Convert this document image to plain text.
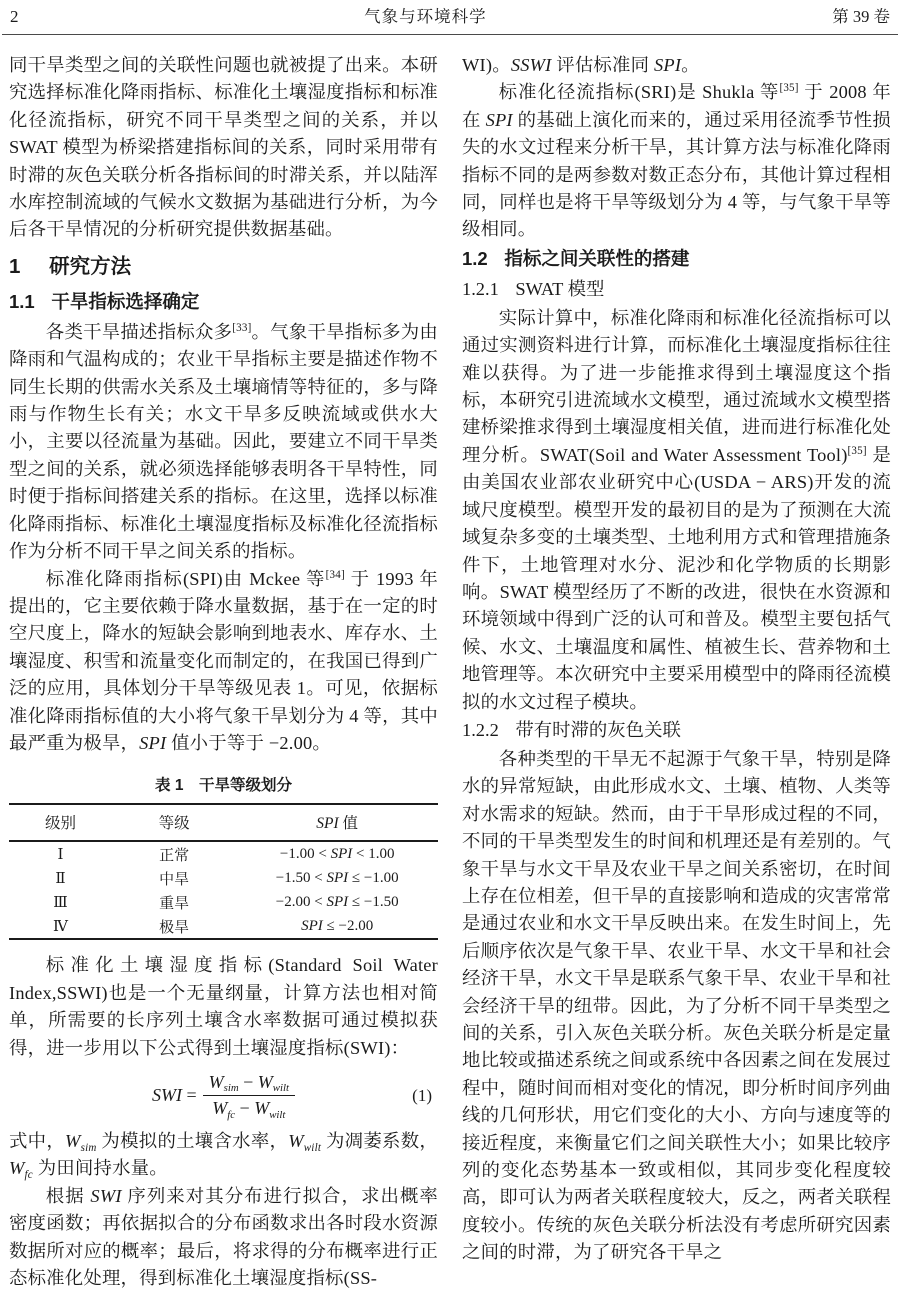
2	气象与环境科学	第 39 卷

同干旱类型之间的关联性问题也就被提了出来。本研究选择标准化降雨指标、标准化土壤湿度指标和标准化径流指标，研究不同干旱类型之间的关系，并以 SWAT 模型为桥梁搭建指标间的关系，同时采用带有时滞的灰色关联分析各指标间的时滞关系，并以陆浑水库控制流域的气候水文数据为基础进行分析，为今后各干旱情况的分析研究提供数据基础。

1 研究方法
1.1 干旱指标选择确定

各类干旱描述指标众多[33]。气象干旱指标多为由降雨和气温构成的；农业干旱指标主要是描述作物不同生长期的供需水关系及土壤墒情等特征的，多与降雨与作物生长有关；水文干旱多反映流域或供水大小，主要以径流量为基础。因此，要建立不同干旱类型之间的关系，就必须选择能够表明各干旱特性，同时便于指标间搭建关系的指标。在这里，选择以标准化降雨指标、标准化土壤湿度指标及标准化径流指标作为分析不同干旱之间关系的指标。

标准化降雨指标(SPI)由 Mckee 等[34] 于 1993 年提出的，它主要依赖于降水量数据，基于在一定的时空尺度上，降水的短缺会影响到地表水、库存水、土壤湿度、积雪和流量变化而制定的，在我国已得到广泛的应用，具体划分干旱等级见表 1。可见，依据标准化降雨指标值的大小将气象干旱划分为 4 等，其中最严重为极旱，SPI 值小于等于 −2.00。

表 1 干旱等级划分
级别	等级	SPI 值
Ⅰ	正常	−1.00 < SPI < 1.00
Ⅱ	中旱	−1.50 < SPI ≤ −1.00
Ⅲ	重旱	−2.00 < SPI ≤ −1.50
Ⅳ	极旱	SPI ≤ −2.00

标准化土壤湿度指标(Standard Soil Water Index,SSWI)也是一个无量纲量，计算方法也相对简单，所需要的长序列土壤含水率数据可通过模拟获得，进一步用以下公式得到土壤湿度指标(SWI)：

SWI = $\frac{\text{Wsim − Wwilt}}{\text{Wfc − Wwilt}}$	(1)

式中，Wsim 为模拟的土壤含水率，Wwilt 为凋萎系数，Wfc 为田间持水量。

根据 SWI 序列来对其分布进行拟合，求出概率密度函数；再依据拟合的分布函数求出各时段水资源数据所对应的概率；最后，将求得的分布概率进行正态标准化处理，得到标准化土壤湿度指标(SS-

WI)。SSWI 评估标准同 SPI。

标准化径流指标(SRI)是 Shukla 等[35] 于 2008 年在 SPI 的基础上演化而来的，通过采用径流季节性损失的水文过程来分析干旱，其计算方法与标准化降雨指标不同的是两参数对数正态分布，其他计算过程相同，同样也是将干旱等级划分为 4 等，与气象干旱等级相同。

1.2 指标之间关联性的搭建
1.2.1 SWAT 模型

实际计算中，标准化降雨和标准化径流指标可以通过实测资料进行计算，而标准化土壤湿度指标往往难以获得。为了进一步能推求得到土壤湿度这个指标，本研究引进流域水文模型，通过流域水文模型搭建桥梁推求得到土壤湿度相关值，进而进行标准化处理分析。SWAT(Soil and Water Assessment Tool)[35] 是由美国农业部农业研究中心(USDA − ARS)开发的流域尺度模型。模型开发的最初目的是为了预测在大流域复杂多变的土壤类型、土地利用方式和管理措施条件下，土地管理对水分、泥沙和化学物质的长期影响。SWAT 模型经历了不断的改进，很快在水资源和环境领域中得到广泛的认可和普及。模型主要包括气候、水文、土壤温度和属性、植被生长、营养物和土地管理等。本次研究中主要采用模型中的降雨径流模拟的水文过程子模块。

1.2.2 带有时滞的灰色关联

各种类型的干旱无不起源于气象干旱，特别是降水的异常短缺，由此形成水文、土壤、植物、人类等对水需求的短缺。然而，由于干旱形成过程的不同，不同的干旱类型发生的时间和机理还是有差别的。气象干旱与水文干旱及农业干旱之间关系密切，在时间上存在位相差，但干旱的直接影响和造成的灾害常常是通过农业和水文干旱反映出来。在发生时间上，先后顺序依次是气象干旱、农业干旱、水文干旱和社会经济干旱，水文干旱是联系气象干旱、农业干旱和社会经济干旱的纽带。因此，为了分析不同干旱类型之间的关系，引入灰色关联分析。灰色关联分析是定量地比较或描述系统之间或系统中各因素之间在发展过程中，随时间而相对变化的情况，即分析时间序列曲线的几何形状，用它们变化的大小、方向与速度等的接近程度，来衡量它们之间关联性大小；如果比较序列的变化态势基本一致或相似，其同步变化程度较高，即可认为两者关联程度较大，反之，两者关联程度较小。传统的灰色关联分析法没有考虑所研究因素之间的时滞，为了研究各干旱之
